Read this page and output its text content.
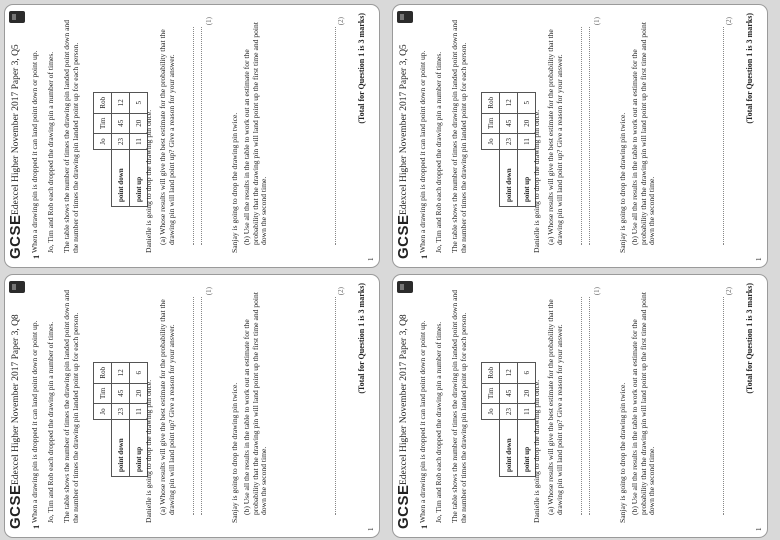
GCSE
Edexcel Higher November 2017 Paper 3, Q5
1
When a drawing pin is dropped it can land point down or point up. Jo, Tim and Rob each dropped the drawing pin a number of times. The table shows the number of times the drawing pin landed point down and the number of times the drawing pin landed point up for each person.
		Jo	Tim	Rob
point down	23	45	12
point up	11	20	5
Danielle is going to drop the drawing pin once. (a) Whose results will give the best estimate for the probability that the drawing pin will land point up? Give a reason for your answer.
(1)
Sanjay is going to drop the drawing pin twice. (b) Use all the results in the table to work out an estimate for the probability that the drawing pin will land point up the first time and point down the second time.
(2) (Total for Question 1 is 3 marks)
1
GCSE
Edexcel Higher November 2017 Paper 3, Q5
1
When a drawing pin is dropped it can land point down or point up. Jo, Tim and Rob each dropped the drawing pin a number of times. The table shows the number of times the drawing pin landed point down and the number of times the drawing pin landed point up for each person.
		Jo	Tim	Rob
point down	23	45	12
point up	11	20	5
Danielle is going to drop the drawing pin once. (a) Whose results will give the best estimate for the probability that the drawing pin will land point up? Give a reason for your answer.
(1)
Sanjay is going to drop the drawing pin twice. (b) Use all the results in the table to work out an estimate for the probability that the drawing pin will land point up the first time and point down the second time.
(2) (Total for Question 1 is 3 marks)
1
GCSE
Edexcel Higher November 2017 Paper 3, Q8
1
When a drawing pin is dropped it can land point down or point up. Jo, Tim and Rob each dropped the drawing pin a number of times. The table shows the number of times the drawing pin landed point down and the number of times the drawing pin landed point up for each person.
		Jo	Tim	Rob
point down	23	45	12
point up	11	20	6
Danielle is going to drop the drawing pin once. (a) Whose results will give the best estimate for the probability that the drawing pin will land point up? Give a reason for your answer.
(1)
Sanjay is going to drop the drawing pin twice. (b) Use all the results in the table to work out an estimate for the probability that the drawing pin will land point up the first time and point down the second time.
(2) (Total for Question 1 is 3 marks)
1
GCSE
Edexcel Higher November 2017 Paper 3, Q8
1
When a drawing pin is dropped it can land point down or point up. Jo, Tim and Rob each dropped the drawing pin a number of times. The table shows the number of times the drawing pin landed point down and the number of times the drawing pin landed point up for each person.
		Jo	Tim	Rob
point down	23	45	12
point up	11	20	6
Danielle is going to drop the drawing pin once. (a) Whose results will give the best estimate for the probability that the drawing pin will land point up? Give a reason for your answer.
(1)
Sanjay is going to drop the drawing pin twice. (b) Use all the results in the table to work out an estimate for the probability that the drawing pin will land point up the first time and point down the second time.
(2) (Total for Question 1 is 3 marks)
1
